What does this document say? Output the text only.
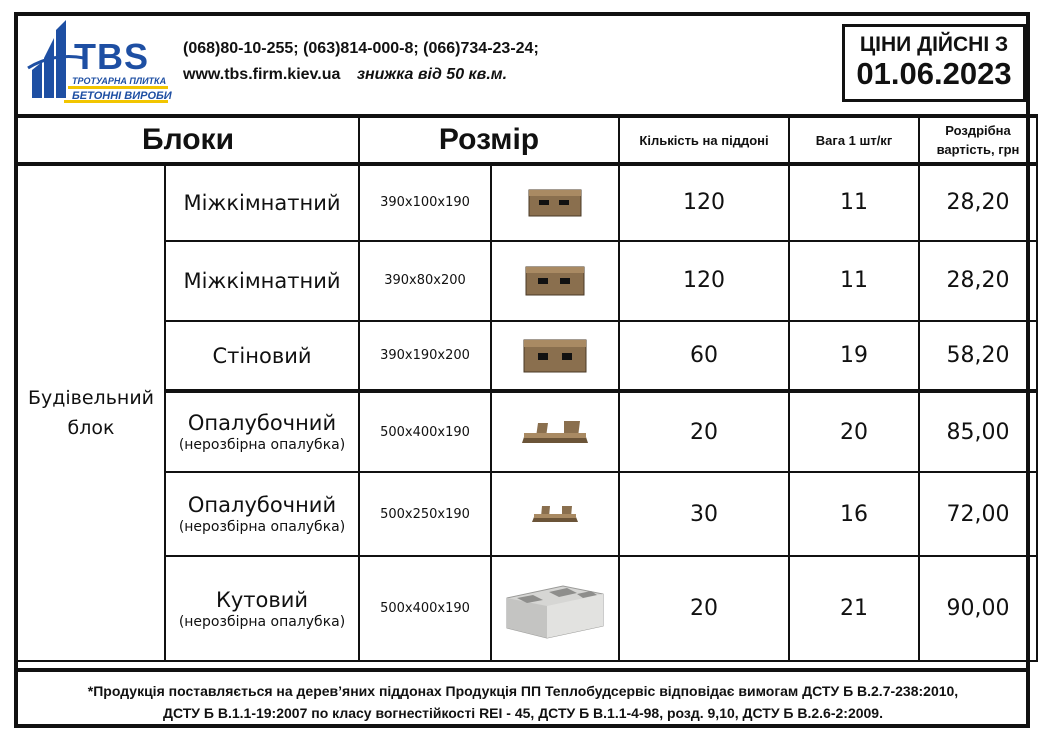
TBS
ТРОТУАРНА ПЛИТКА
БЕТОННІ ВИРОБИ
(068)80-10-255; (063)814-000-8; (066)734-23-24;
www.tbs.firm.kiev.ua знижка від 50 кв.м.
ЦІНИ ДІЙСНІ З
01.06.2023
Блоки		Розмір		Кількість на піддоні	Вага 1 шт/кг	Роздрібна
вартість, грн
Будівельний блок	Міжкімнатний	390x100x190		120	11	28,20
	Міжкімнатний	390x80x200		120	11	28,20
	Стіновий	390x190x200		60	19	58,20
	Опалубочний
(нерозбірна опалубка)	500x400x190		20	20	85,00
	Опалубочний
(нерозбірна опалубка)	500x250x190		30	16	72,00
	Кутовий
(нерозбірна опалубка)	500x400x190		20	21	90,00
*Продукція поставляється на дерев’яних піддонах Продукція ПП Теплобудсервіс відповідає вимогам ДСТУ Б В.2.7-238:2010,
ДСТУ Б В.1.1-19:2007 по класу вогнестійкості REI - 45, ДСТУ Б В.1.1-4-98, розд. 9,10, ДСТУ Б В.2.6-2:2009.
